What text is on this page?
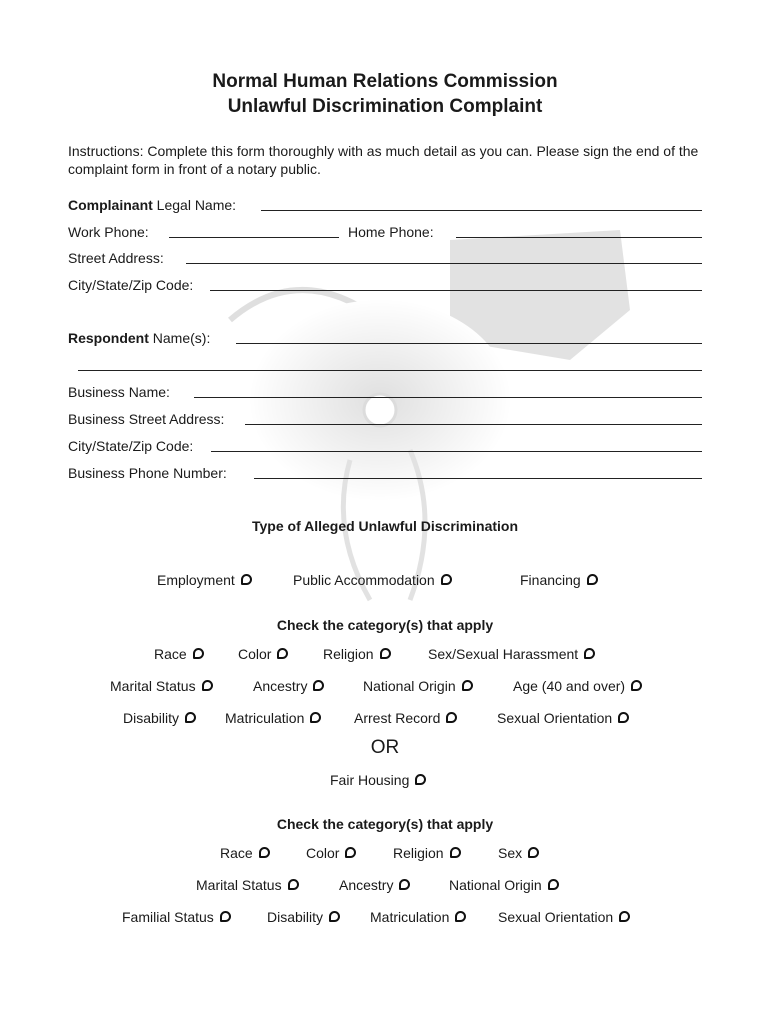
Normal Human Relations Commission
Unlawful Discrimination Complaint
Instructions: Complete this form thoroughly with as much detail as you can. Please sign the end of the complaint form in front of a notary public.
Complainant Legal Name:
Work Phone:	Home Phone:
Street Address:
City/State/Zip Code:
Respondent Name(s):
Business Name:
Business Street Address:
City/State/Zip Code:
Business Phone Number:
Type of Alleged Unlawful Discrimination
Employment	Public Accommodation	Financing
Check the category(s) that apply
Race	Color	Religion	Sex/Sexual Harassment
Marital Status	Ancestry	National Origin	Age (40 and over)
Disability	Matriculation	Arrest Record	Sexual Orientation
OR
Fair Housing
Check the category(s) that apply
Race	Color	Religion	Sex
Marital Status	Ancestry	National Origin
Familial Status	Disability	Matriculation	Sexual Orientation
